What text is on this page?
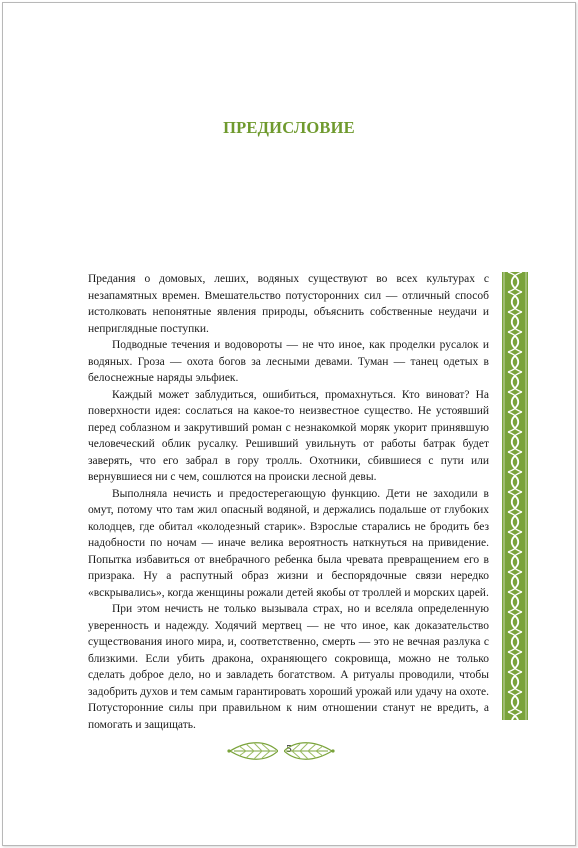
ПРЕДИСЛОВИЕ

Предания о домовых, леших, водяных существуют во всех культурах с незапамятных времен. Вмешательство потусторонних сил — отличный способ истолковать непонятные явления природы, объяснить собственные неудачи и неприглядные поступки.

Подводные течения и водовороты — не что иное, как проделки русалок и водяных. Гроза — охота богов за лесными девами. Туман — танец одетых в белоснежные наряды эльфиек.

Каждый может заблудиться, ошибиться, промахнуться. Кто виноват? На поверхности идея: сослаться на какое-то неизвестное существо. Не устоявший перед соблазном и закрутивший роман с незнакомкой моряк укорит принявшую человеческий облик русалку. Решивший увильнуть от работы батрак будет заверять, что его забрал в гору тролль. Охотники, сбившиеся с пути или вернувшиеся ни с чем, сошлются на происки лесной девы.

Выполняла нечисть и предостерегающую функцию. Дети не заходили в омут, потому что там жил опасный водяной, и держались подальше от глубоких колодцев, где обитал «колодезный старик». Взрослые старались не бродить без надобности по ночам — иначе велика вероятность наткнуться на привидение. Попытка избавиться от внебрачного ребенка была чревата превращением его в призрака. Ну а распутный образ жизни и беспорядочные связи нередко «вскрывались», когда женщины рожали детей якобы от троллей и морских царей.

При этом нечисть не только вызывала страх, но и вселяла определенную уверенность и надежду. Ходячий мертвец — не что иное, как доказательство существования иного мира, и, соответственно, смерть — это не вечная разлука с близкими. Если убить дракона, охраняющего сокровища, можно не только сделать доброе дело, но и завладеть богатством. А ритуалы проводили, чтобы задобрить духов и тем самым гарантировать хороший урожай или удачу на охоте. Потусторонние силы при правильном к ним отношении станут не вредить, а помогать и защищать.

5
